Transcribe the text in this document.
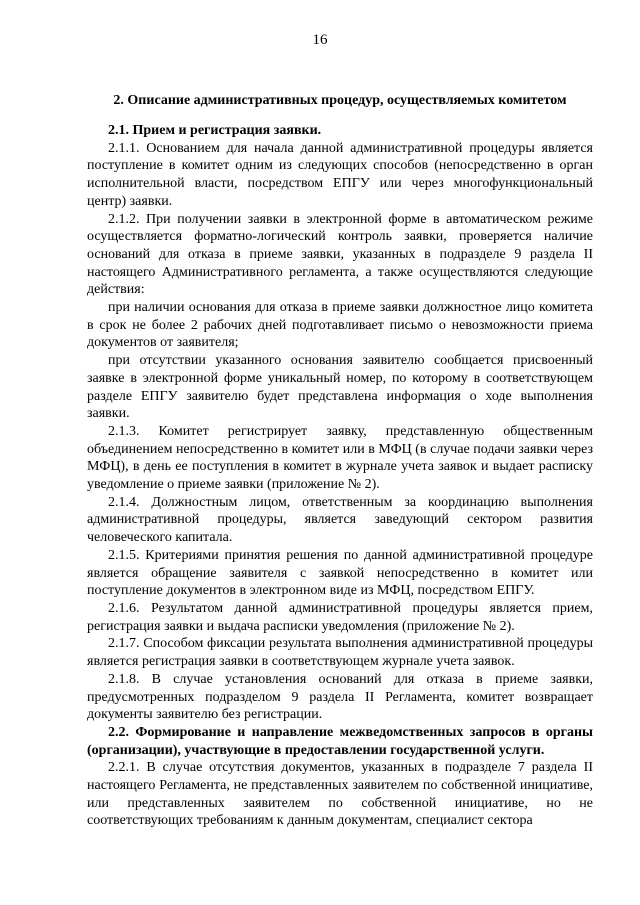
16
2. Описание административных процедур, осуществляемых комитетом

2.1. Прием и регистрация заявки.

2.1.1. Основанием для начала данной административной процедуры является поступление в комитет одним из следующих способов (непосредственно в орган исполнительной власти, посредством ЕПГУ или через многофункциональный центр) заявки.

2.1.2. При получении заявки в электронной форме в автоматическом режиме осуществляется форматно-логический контроль заявки, проверяется наличие оснований для отказа в приеме заявки, указанных в подразделе 9 раздела II настоящего Административного регламента, а также осуществляются следующие действия:

при наличии основания для отказа в приеме заявки должностное лицо комитета в срок не более 2 рабочих дней подготавливает письмо о невозможности приема документов от заявителя;

при отсутствии указанного основания заявителю сообщается присвоенный заявке в электронной форме уникальный номер, по которому в соответствующем разделе ЕПГУ заявителю будет представлена информация о ходе выполнения заявки.

2.1.3. Комитет регистрирует заявку, представленную общественным объединением непосредственно в комитет или в МФЦ (в случае подачи заявки через МФЦ), в день ее поступления в комитет в журнале учета заявок и выдает расписку уведомление о приеме заявки (приложение № 2).

2.1.4. Должностным лицом, ответственным за координацию выполнения административной процедуры, является заведующий сектором развития человеческого капитала.

2.1.5. Критериями принятия решения по данной административной процедуре является обращение заявителя с заявкой непосредственно в комитет или поступление документов в электронном виде из МФЦ, посредством ЕПГУ.

2.1.6. Результатом данной административной процедуры является прием, регистрация заявки и выдача расписки уведомления (приложение № 2).

2.1.7. Способом фиксации результата выполнения административной процедуры является регистрация заявки в соответствующем журнале учета заявок.

2.1.8. В случае установления оснований для отказа в приеме заявки, предусмотренных подразделом 9 раздела II Регламента, комитет возвращает документы заявителю без регистрации.

2.2. Формирование и направление межведомственных запросов в органы (организации), участвующие в предоставлении государственной услуги.

2.2.1. В случае отсутствия документов, указанных в подразделе 7 раздела II настоящего Регламента, не представленных заявителем по собственной инициативе, или представленных заявителем по собственной инициативе, но не соответствующих требованиям к данным документам, специалист сектора
